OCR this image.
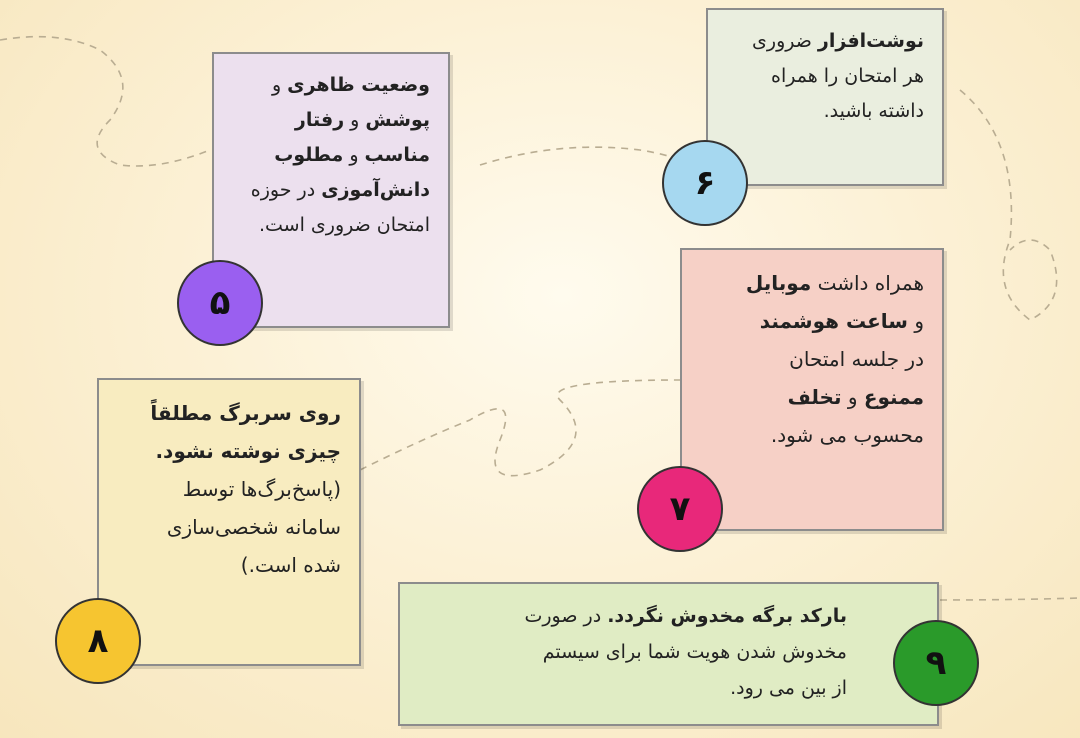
وضعیت ظاهری و
پوشش و رفتار
مناسب و مطلوب
دانش‌آموزی در حوزه
امتحان ضروری است.
۵
نوشت‌افزار ضروری
هر امتحان را همراه
داشته باشید.
۶
همراه داشت موبایل
و ساعت هوشمند
در جلسه امتحان
ممنوع و تخلف
محسوب می شود.
۷
روی سربرگ مطلقاً
چیزی نوشته نشود.
(پاسخ‌برگ‌ها توسط
سامانه شخصی‌سازی
شده است.)
۸
بارکد برگه مخدوش نگردد. در صورت
مخدوش شدن هویت شما برای سیستم
از بین می رود.
۹
